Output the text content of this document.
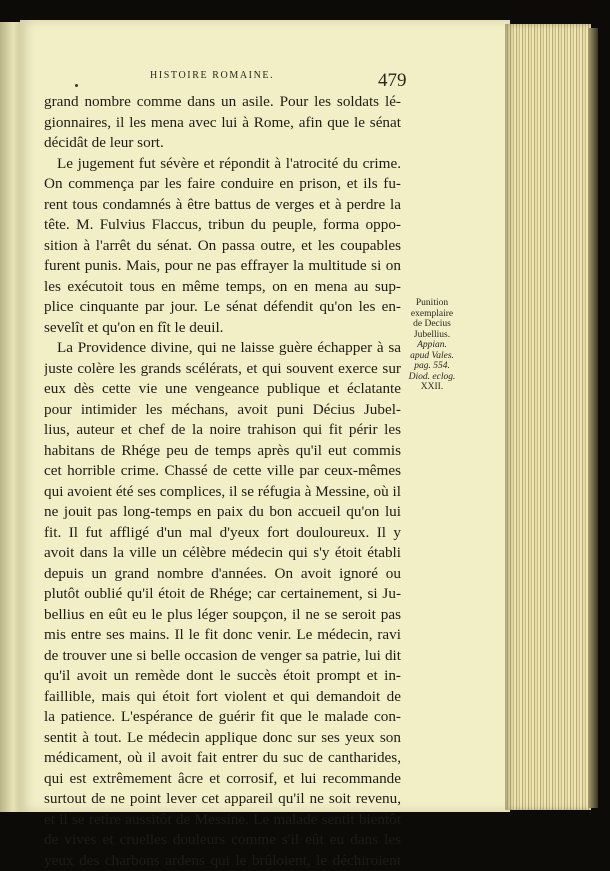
HISTOIRE ROMAINE.	479
grand nombre comme dans un asile. Pour les soldats lé-
gionnaires, il les mena avec lui à Rome, afin que le sénat
décidât de leur sort.
Le jugement fut sévère et répondit à l'atrocité du crime.
On commença par les faire conduire en prison, et ils fu-
rent tous condamnés à être battus de verges et à perdre la
tête. M. Fulvius Flaccus, tribun du peuple, forma oppo-
sition à l'arrêt du sénat. On passa outre, et les coupables
furent punis. Mais, pour ne pas effrayer la multitude si on
les exécutoit tous en même temps, on en mena au sup-
plice cinquante par jour. Le sénat défendit qu'on les en-
sevelît et qu'on en fît le deuil.
La Providence divine, qui ne laisse guère échapper à sa
juste colère les grands scélérats, et qui souvent exerce sur
eux dès cette vie une vengeance publique et éclatante
pour intimider les méchans, avoit puni Décius Jubel-
lius, auteur et chef de la noire trahison qui fit périr les
habitans de Rhége peu de temps après qu'il eut commis
cet horrible crime. Chassé de cette ville par ceux-mêmes
qui avoient été ses complices, il se réfugia à Messine, où il
ne jouit pas long-temps en paix du bon accueil qu'on lui
fit. Il fut affligé d'un mal d'yeux fort douloureux. Il y
avoit dans la ville un célèbre médecin qui s'y étoit établi
depuis un grand nombre d'années. On avoit ignoré ou
plutôt oublié qu'il étoit de Rhége; car certainement, si Ju-
bellius en eût eu le plus léger soupçon, il ne se seroit pas
mis entre ses mains. Il le fit donc venir. Le médecin, ravi
de trouver une si belle occasion de venger sa patrie, lui dit
qu'il avoit un remède dont le succès étoit prompt et in-
faillible, mais qui étoit fort violent et qui demandoit de
la patience. L'espérance de guérir fit que le malade con-
sentit à tout. Le médecin applique donc sur ses yeux son
médicament, où il avoit fait entrer du suc de cantharides,
qui est extrêmement âcre et corrosif, et lui recommande
surtout de ne point lever cet appareil qu'il ne soit revenu,
et il se retire aussitôt de Messine. Le malade sentit bientôt
de vives et cruelles douleurs comme s'il eût eu dans les
yeux des charbons ardens qui le brûloient, le déchiroient
Punition
exemplaire
de Decius
Jubellius.
Appian.
apud Vales.
pag. 554.
Diod. eclog.
XXII.
